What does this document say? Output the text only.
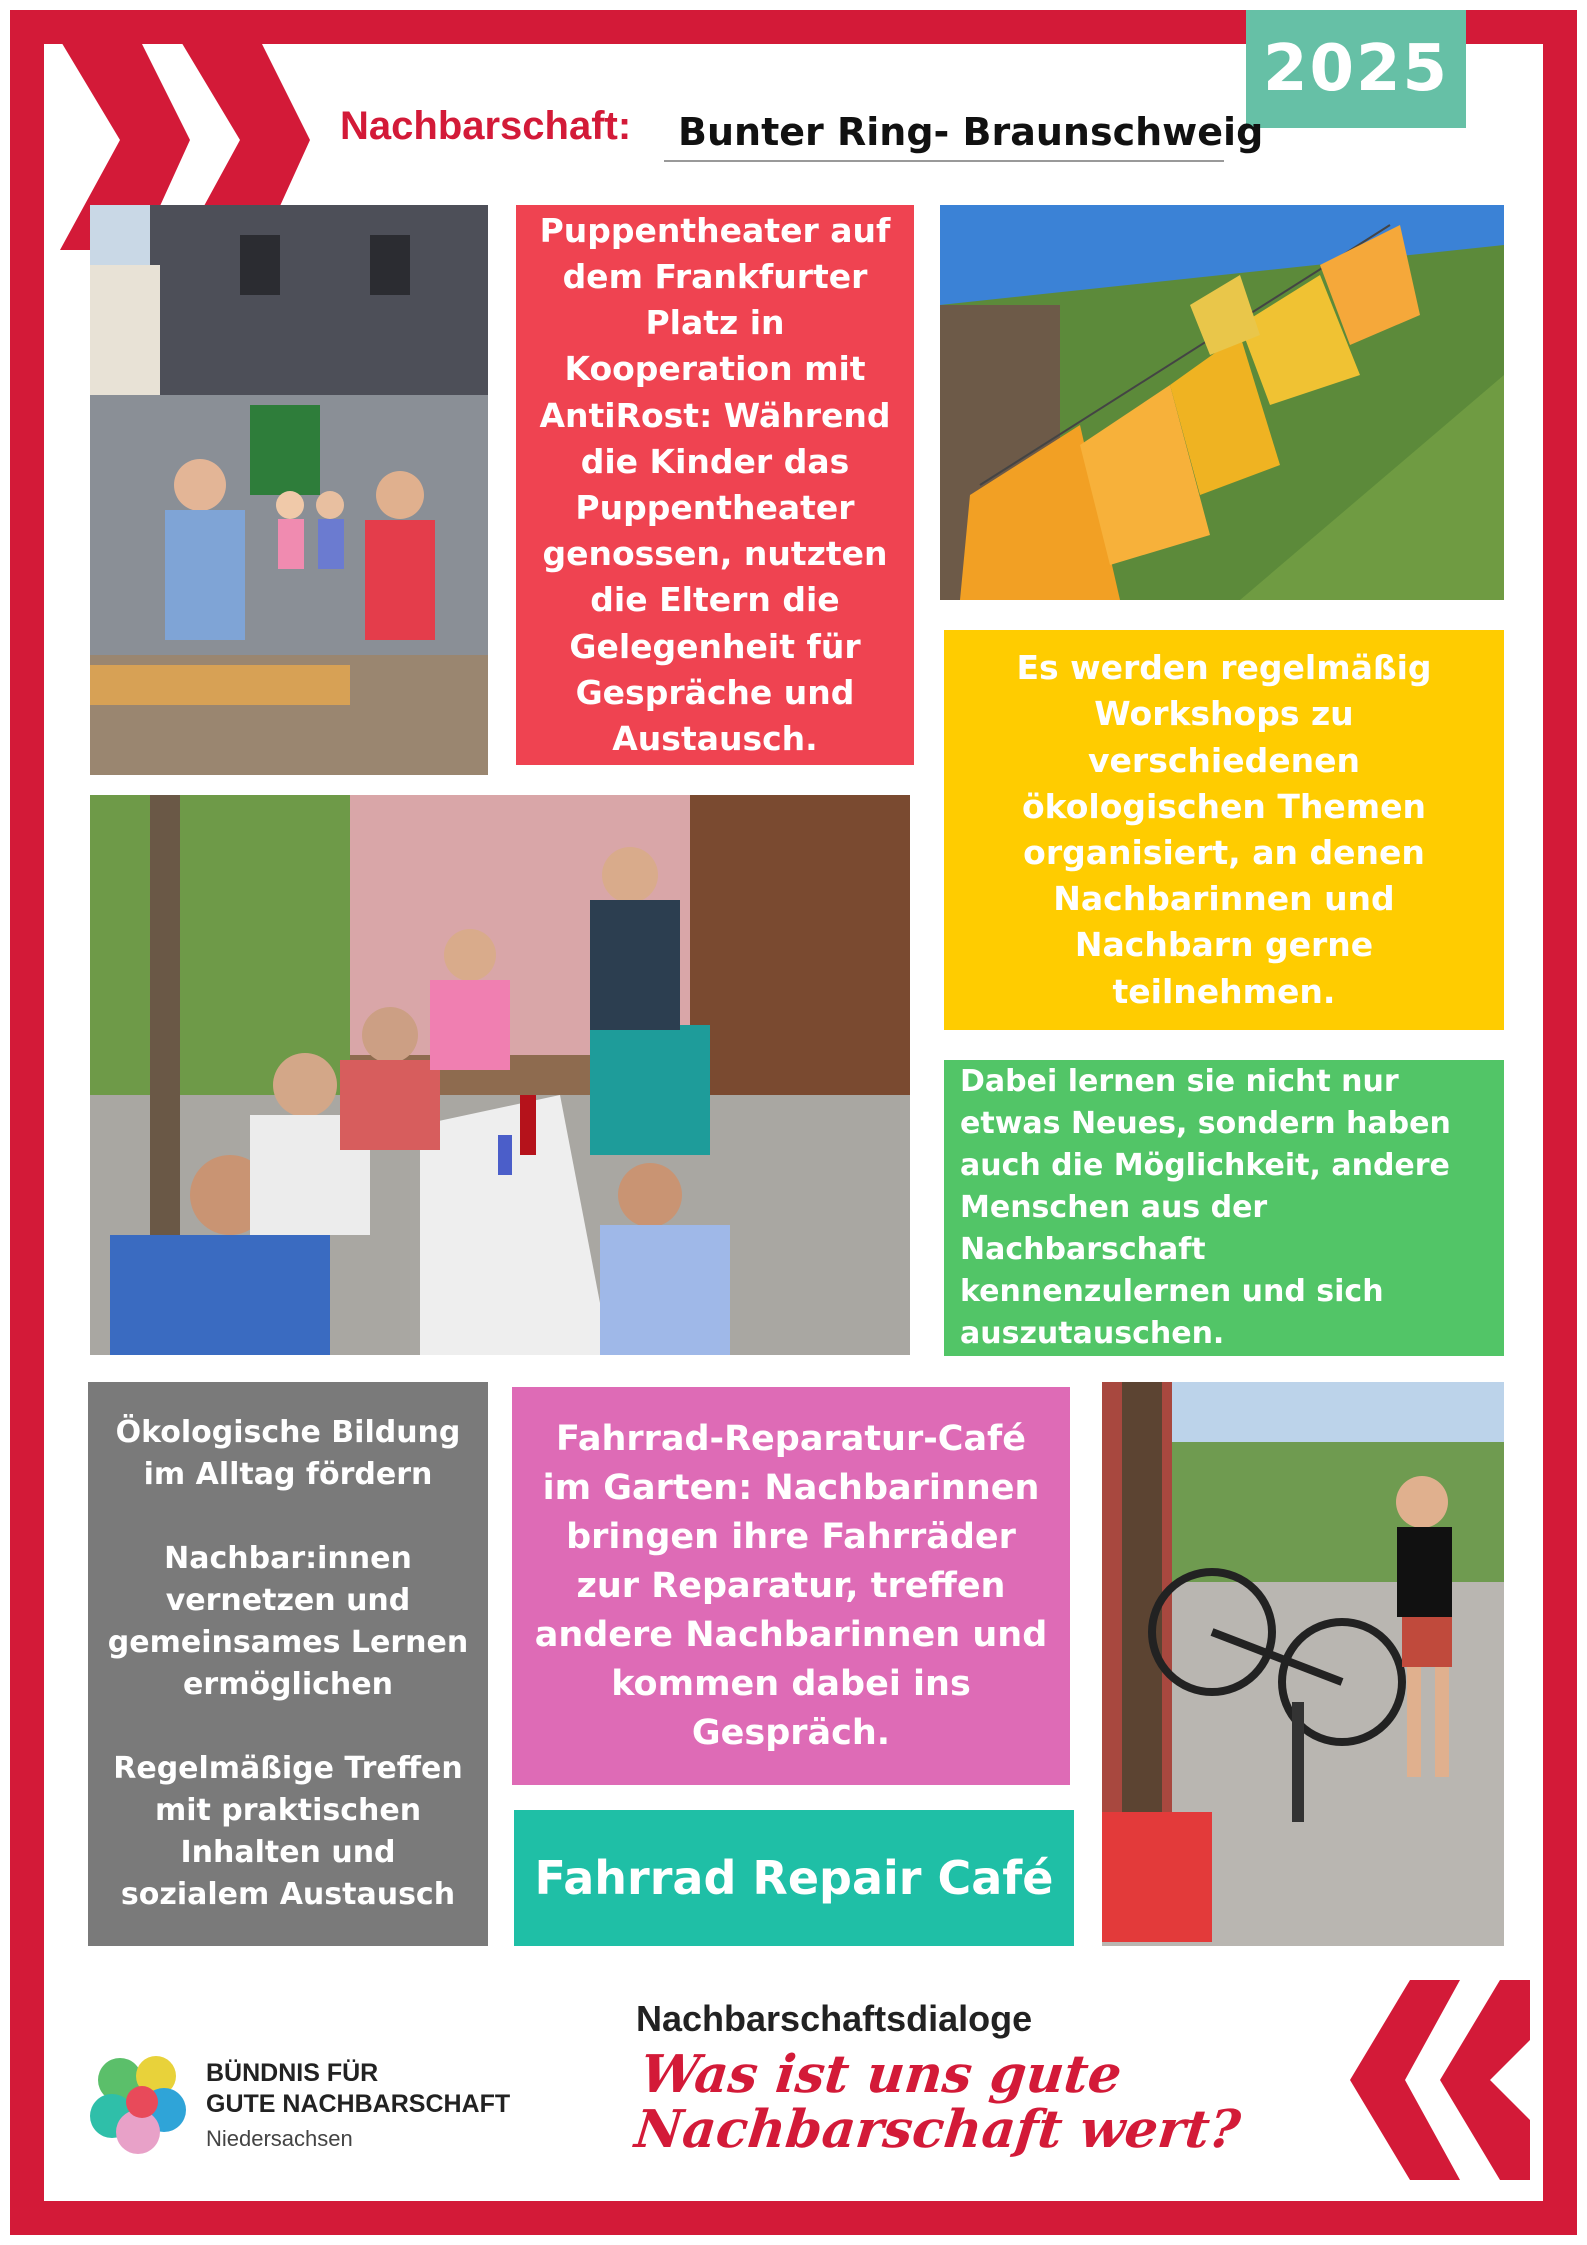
2025
Nachbarschaft: Bunter Ring- Braunschweig
Puppentheater auf dem Frankfurter Platz in Kooperation mit AntiRost: Während die Kinder das Puppentheater genossen, nutzten die Eltern die Gelegenheit für Gespräche und Austausch.
Es werden regelmäßig Workshops zu verschiedenen ökologischen Themen organisiert, an denen Nachbarinnen und Nachbarn gerne teilnehmen.
Dabei lernen sie nicht nur etwas Neues, sondern haben auch die Möglichkeit, andere Menschen aus der Nachbarschaft kennenzulernen und sich auszutauschen.
Ökologische Bildung im Alltag fördern

Nachbar:innen vernetzen und gemeinsames Lernen ermöglichen

Regelmäßige Treffen mit praktischen Inhalten und sozialem Austausch
Fahrrad-Reparatur-Café im Garten: Nachbarinnen bringen ihre Fahrräder zur Reparatur, treffen andere Nachbarinnen und kommen dabei ins Gespräch.
Fahrrad Repair Café
BÜNDNIS FÜR
GUTE NACHBARSCHAFT
Niedersachsen
Nachbarschaftsdialoge
Was ist uns gute
Nachbarschaft wert?
